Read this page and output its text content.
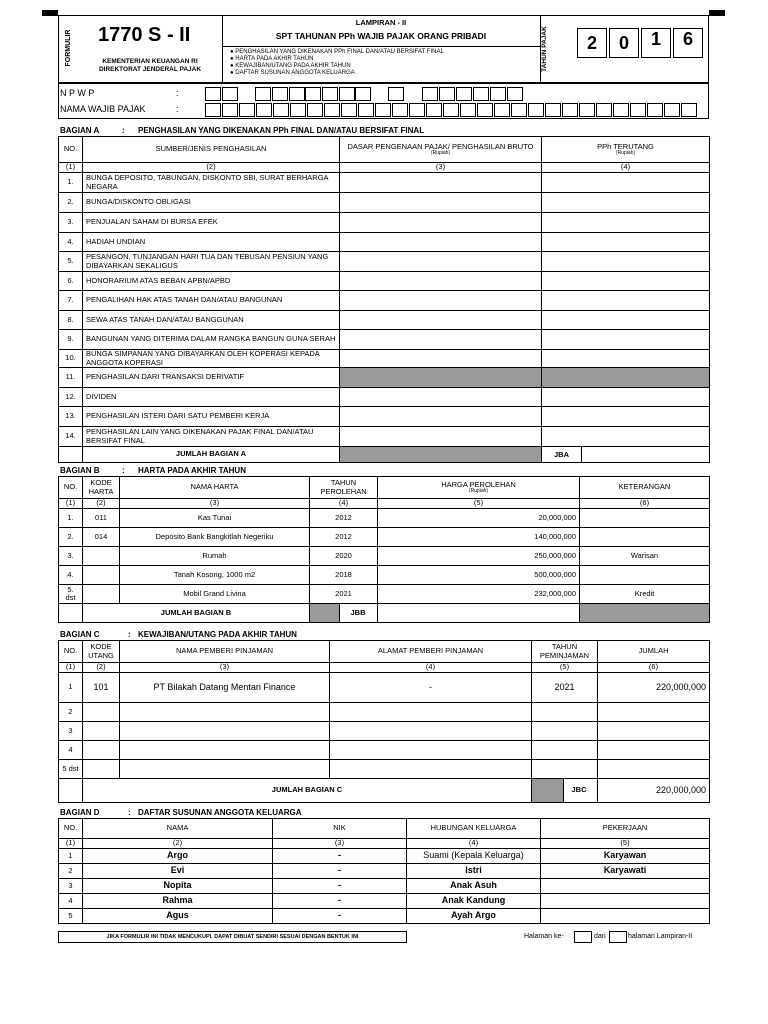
FORMULIR 1770 S - II
KEMENTERIAN KEUANGAN RI
DIREKTORAT JENDERAL PAJAK
LAMPIRAN - II
SPT TAHUNAN PPh WAJIB PAJAK ORANG PRIBADI
● PENGHASILAN YANG DIKENAKAN PPh FINAL DAN/ATAU BERSIFAT FINAL
● HARTA PADA AKHIR TAHUN
● KEWAJIBAN/UTANG PADA AKHIR TAHUN
● DAFTAR SUSUNAN ANGGOTA KELUARGA
TAHUN PAJAK	2	0	1	6
N P W P	:
NAMA WAJIB PAJAK	:
BAGIAN A	: PENGHASILAN YANG DIKENAKAN PPh FINAL DAN/ATAU BERSIFAT FINAL
NO.	SUMBER/JENIS PENGHASILAN	DASAR PENGENAAN PAJAK/ PENGHASILAN BRUTO
(Rupiah)	PPh TERUTANG
(Rupiah)

(1)	(2)	(3)	(4)
1.	BUNGA DEPOSITO, TABUNGAN, DISKONTO SBI, SURAT BERHARGA NEGARA		
2.	BUNGA/DISKONTO OBLIGASI		
3.	PENJUALAN SAHAM DI BURSA EFEK		
4.	HADIAH UNDIAN		
5.	PESANGON, TUNJANGAN HARI TUA DAN TEBUSAN PENSIUN YANG DIBAYARKAN SEKALIGUS		
6.	HONORARIUM ATAS BEBAN APBN/APBD		
7.	PENGALIHAN HAK ATAS TANAH DAN/ATAU BANGUNAN		
8.	SEWA ATAS TANAH DAN/ATAU BANGGUNAN		
9.	BANGUNAN YANG DITERIMA DALAM RANGKA BANGUN GUNA SERAH		
10.	BUNGA SIMPANAN YANG DIBAYARKAN OLEH KOPERASI KEPADA ANGGOTA KOPERASI		
11.	PENGHASILAN DARI TRANSAKSI DERIVATIF		
12.	DIVIDEN		
13.	PENGHASILAN ISTERI DARI SATU PEMBERI KERJA		
14.	PENGHASILAN LAIN YANG DIKENAKAN PAJAK FINAL DAN/ATAU BERSIFAT FINAL		
	JUMLAH BAGIAN A		JBA
BAGIAN B	: HARTA PADA AKHIR TAHUN
NO.	KODE HARTA	NAMA HARTA	TAHUN PEROLEHAN	HARGA PEROLEHAN
(Rupiah)	KETERANGAN
(1)	(2)	(3)	(4)	(5)	(6)
1.	011	Kas Tunai	2012	20,000,000	
2.	014	Deposito Bank Bangkitlah Negeriku	2012	140,000,000	
3.		Rumah	2020	250,000,000	Warisan
4.		Tanah Kosong, 1000 m2	2018	500,000,000	
5. dst		Mobil Grand Livina	2021	232,000,000	Kredit
	JUMLAH BAGIAN B		JBB		
BAGIAN C	: KEWAJIBAN/UTANG PADA AKHIR TAHUN
NO.	KODE UTANG	NAMA PEMBERI PINJAMAN	ALAMAT PEMBERI PINJAMAN	TAHUN PEMINJAMAN	JUMLAH
(1)	(2)	(3)	(4)	(5)	(6)
1	101	PT Bilakah Datang Mentari Finance	-	2021	220,000,000
2					
3					
4					
5 dst					
	JUMLAH BAGIAN C			JBC	220,000,000
BAGIAN D	: DAFTAR SUSUNAN ANGGOTA KELUARGA
NO.	NAMA	NIK	HUBUNGAN KELUARGA	PEKERJAAN
(1)	(2)	(3)	(4)	(5)
1	Argo	-	Suami (Kepala Keluarga)	Karyawan
2	Evi	-	Istri	Karyawati
3	Nopita	-	Anak Asuh	
4	Rahma	-	Anak Kandung	
5	Agus	-	Ayah Argo	
JIKA FORMULIR INI TIDAK MENCUKUPI, DAPAT DIBUAT SENDIRI SESUAI DENGAN BENTUK INI	Halaman ke-	dari	halaman Lampiran-II
